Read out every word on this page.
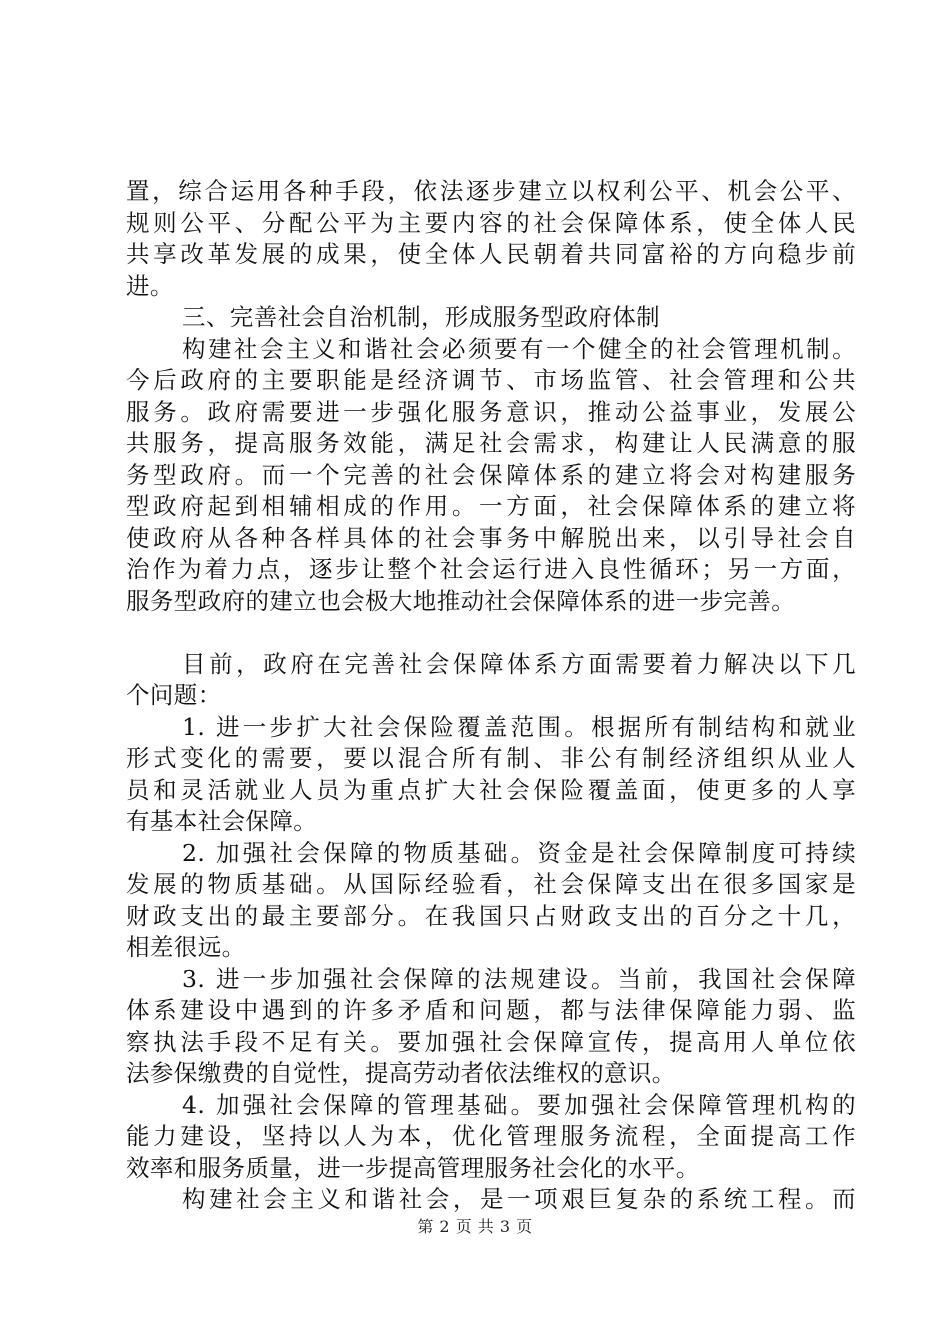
置，综合运用各种手段，依法逐步建立以权利公平、机会公平、
规则公平、分配公平为主要内容的社会保障体系，使全体人民
共享改革发展的成果，使全体人民朝着共同富裕的方向稳步前
进。
三、完善社会自治机制，形成服务型政府体制
构建社会主义和谐社会必须要有一个健全的社会管理机制。
今后政府的主要职能是经济调节、市场监管、社会管理和公共
服务。政府需要进一步强化服务意识，推动公益事业，发展公
共服务，提高服务效能，满足社会需求，构建让人民满意的服
务型政府。而一个完善的社会保障体系的建立将会对构建服务
型政府起到相辅相成的作用。一方面，社会保障体系的建立将
使政府从各种各样具体的社会事务中解脱出来，以引导社会自
治作为着力点，逐步让整个社会运行进入良性循环；另一方面，
服务型政府的建立也会极大地推动社会保障体系的进一步完善。
目前，政府在完善社会保障体系方面需要着力解决以下几
个问题：
1. 进一步扩大社会保险覆盖范围。根据所有制结构和就业
形式变化的需要，要以混合所有制、非公有制经济组织从业人
员和灵活就业人员为重点扩大社会保险覆盖面，使更多的人享
有基本社会保障。
2. 加强社会保障的物质基础。资金是社会保障制度可持续
发展的物质基础。从国际经验看，社会保障支出在很多国家是
财政支出的最主要部分。在我国只占财政支出的百分之十几，
相差很远。
3. 进一步加强社会保障的法规建设。当前，我国社会保障
体系建设中遇到的许多矛盾和问题，都与法律保障能力弱、监
察执法手段不足有关。要加强社会保障宣传，提高用人单位依
法参保缴费的自觉性，提高劳动者依法维权的意识。
4. 加强社会保障的管理基础。要加强社会保障管理机构的
能力建设，坚持以人为本，优化管理服务流程，全面提高工作
效率和服务质量，进一步提高管理服务社会化的水平。
构建社会主义和谐社会，是一项艰巨复杂的系统工程。而
第 2 页 共 3 页
